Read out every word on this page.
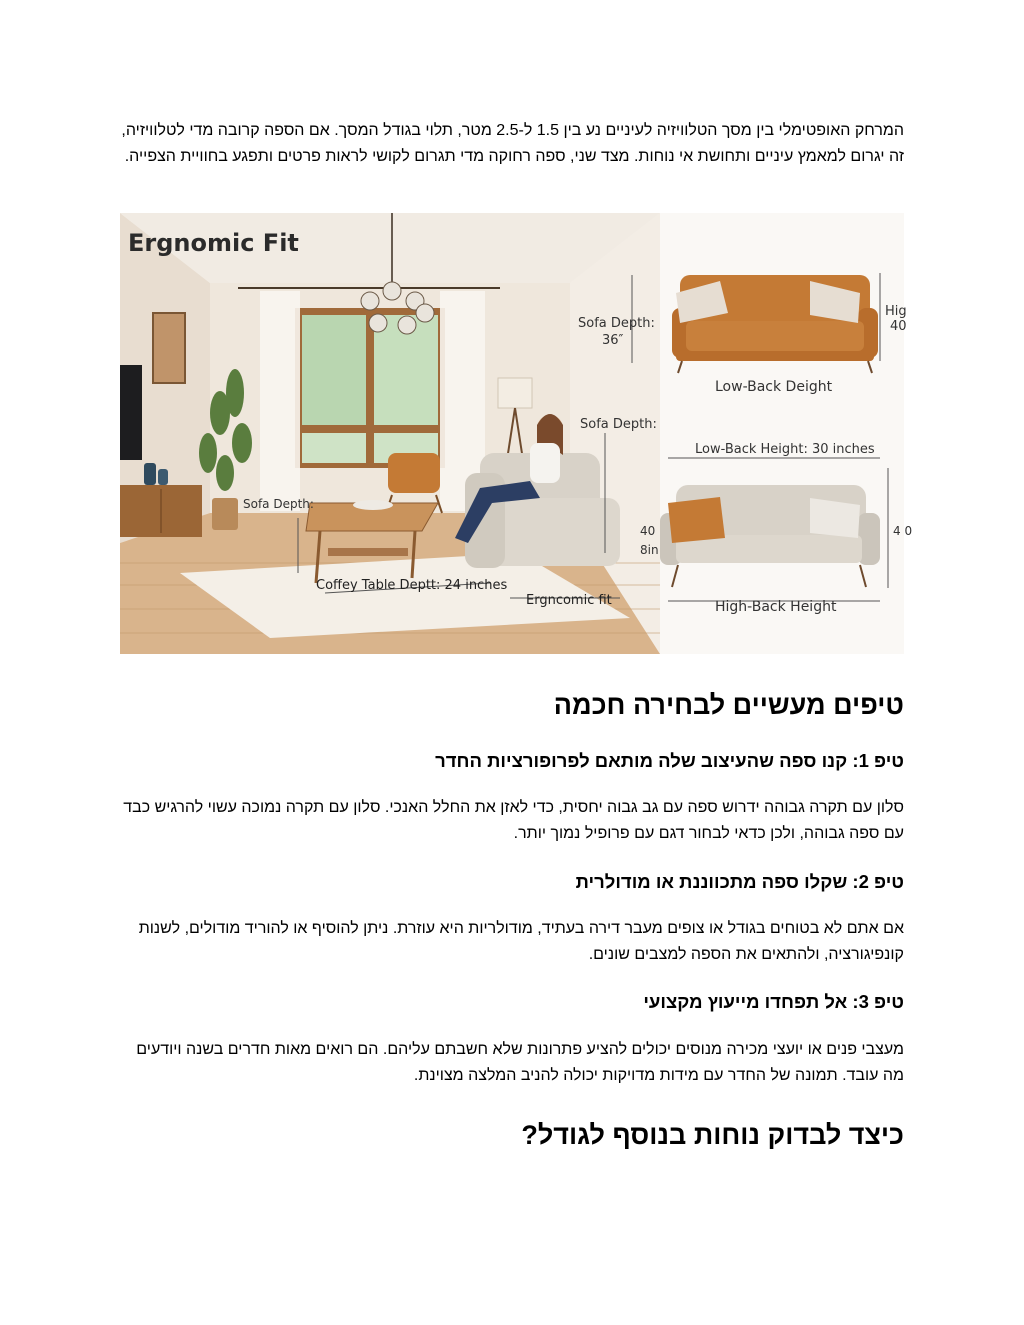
המרחק האופטימלי בין מסך הטלוויזיה לעיניים נע בין 1.5 ל-2.5 מטר, תלוי בגודל המסך. אם הספה קרובה מדי לטלוויזיה, זה יגרום למאמץ עיניים ותחושת אי נוחות. מצד שני, ספה רחוקה מדי תגרום לקושי לראות פרטים ותפגע בחוויית הצפייה.

Ergnomic Fit
Sofa Depth:
36″
Low-Back Deight
Sofa Depth:
Low-Back Height: 30 inches
Sofa Depth:
Coffey Table Deptt: 24 inches
Ergncomic fit	High-Back Height
Hig
40
40
8in
4 0
טיפים מעשיים לבחירה חכמה
טיפ 1: קנו ספה שהעיצוב שלה מותאם לפרופורציות החדר

סלון עם תקרה גבוהה ידרוש ספה עם גב גבוה יחסית, כדי לאזן את החלל האנכי. סלון עם תקרה נמוכה עשוי להרגיש כבד עם ספה גבוהה, ולכן כדאי לבחור דגם עם פרופיל נמוך יותר.

טיפ 2: שקלו ספה מתכווננת או מודולרית

אם אתם לא בטוחים בגודל או צופים מעבר דירה בעתיד, מודולריות היא עוזרת. ניתן להוסיף או להוריד מודולים, לשנות קונפיגורציה, ולהתאים את הספה למצבים שונים.

טיפ 3: אל תפחדו מייעוץ מקצועי

מעצבי פנים או יועצי מכירה מנוסים יכולים להציע פתרונות שלא חשבתם עליהם. הם רואים מאות חדרים בשנה ויודעים מה עובד. תמונה של החדר עם מידות מדויקות יכולה להניב המלצה מצוינת.

כיצד לבדוק נוחות בנוסף לגודל?
